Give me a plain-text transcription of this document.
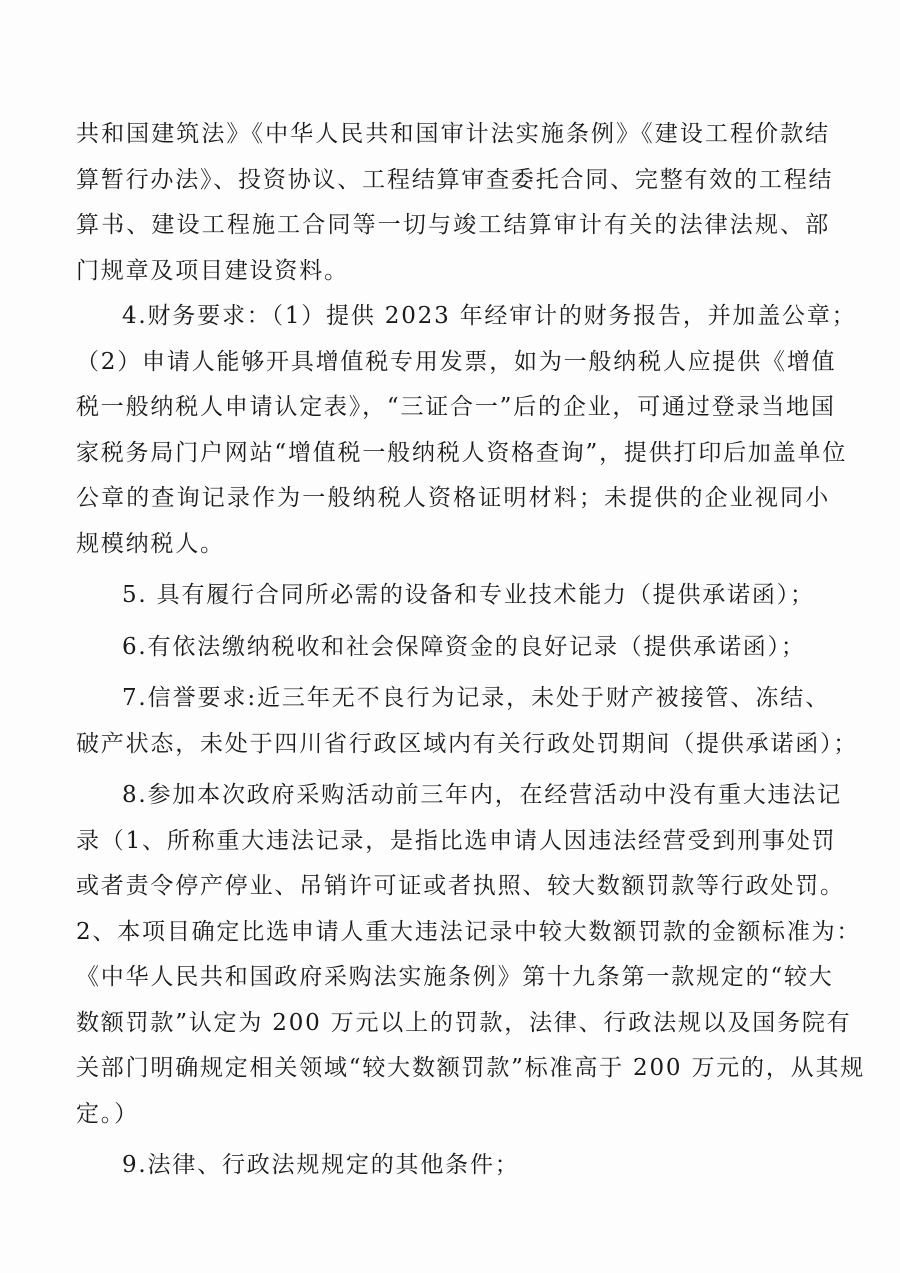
共和国建筑法》《中华人民共和国审计法实施条例》《建设工程价款结
算暂行办法》、投资协议、工程结算审查委托合同、完整有效的工程结
算书、建设工程施工合同等一切与竣工结算审计有关的法律法规、部
门规章及项目建设资料。
4.财务要求：（1）提供 2023 年经审计的财务报告，并加盖公章；
（2）申请人能够开具增值税专用发票，如为一般纳税人应提供《增值
税一般纳税人申请认定表》，“三证合一”后的企业，可通过登录当地国
家税务局门户网站“增值税一般纳税人资格查询”，提供打印后加盖单位
公章的查询记录作为一般纳税人资格证明材料；未提供的企业视同小
规模纳税人。
5. 具有履行合同所必需的设备和专业技术能力（提供承诺函）；
6.有依法缴纳税收和社会保障资金的良好记录（提供承诺函）；
7.信誉要求:近三年无不良行为记录，未处于财产被接管、冻结、
破产状态，未处于四川省行政区域内有关行政处罚期间（提供承诺函）；
8.参加本次政府采购活动前三年内，在经营活动中没有重大违法记
录（1、所称重大违法记录，是指比选申请人因违法经营受到刑事处罚
或者责令停产停业、吊销许可证或者执照、较大数额罚款等行政处罚。
2、本项目确定比选申请人重大违法记录中较大数额罚款的金额标准为：
《中华人民共和国政府采购法实施条例》第十九条第一款规定的“较大
数额罚款”认定为 200 万元以上的罚款，法律、行政法规以及国务院有
关部门明确规定相关领域“较大数额罚款”标准高于 200 万元的，从其规
定。）
9.法律、行政法规规定的其他条件；
